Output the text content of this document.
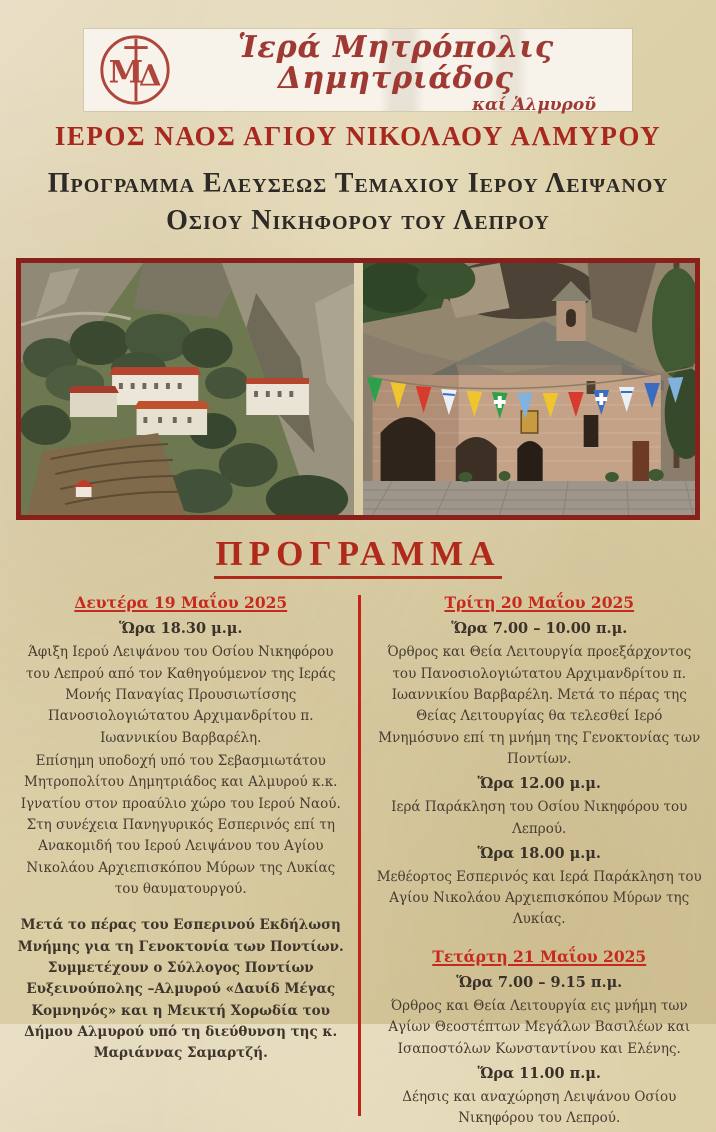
Μ
Δ
Ἱερά Μητρόπολις Δημητριάδος
καί Ἁλμυροῦ
ΙΕΡΟΣ ΝΑΟΣ ΑΓΙΟΥ ΝΙΚΟΛΑΟΥ ΑΛΜΥΡΟΥ
Πρόγραμμα Ελεύσεως Τεμαχίου Ιερού Λειψάνου
Οσίου Νικηφόρου του Λεπρού
ΠΡΟΓΡΑΜΜΑ
Δευτέρα 19 Μαΐου 2025
Ὥρα 18.30 μ.μ.
Άφιξη Ιερού Λειψάνου του Οσίου Νικηφόρου του Λεπρού από τον Καθηγούμενον της Ιεράς Μονής Παναγίας Προυσιωτίσσης Πανοσιολογιώτατου Αρχιμανδρίτου π. Ιωαννικίου Βαρβαρέλη.
Επίσημη υποδοχή υπό του Σεβασμιωτάτου Μητροπολίτου Δημητριάδος και Αλμυρού κ.κ. Ιγνατίου στον προαύλιο χώρο του Ιερού Ναού. Στη συνέχεια Πανηγυρικός Εσπερινός επί τη Ανακομιδή του Ιερού Λειψάνου του Αγίου Νικολάου Αρχιεπισκόπου Μύρων της Λυκίας του θαυματουργού.
Μετά το πέρας του Εσπερινού Εκδήλωση Μνήμης για τη Γενοκτονία των Ποντίων. Συμμετέχουν ο Σύλλογος Ποντίων Ευξεινούπολης –Αλμυρού «Δαυίδ Μέγας Κομνηνός» και η Μεικτή Χορωδία του Δήμου Αλμυρού υπό τη διεύθυνση της κ. Μαριάννας Σαμαρτζή.
Τρίτη 20 Μαΐου 2025
Ὥρα 7.00 – 10.00 π.μ.
Όρθρος και Θεία Λειτουργία προεξάρχοντος του Πανοσιολογιώτατου Αρχιμανδρίτου π. Ιωαννικίου Βαρβαρέλη. Μετά το πέρας της Θείας Λειτουργίας θα τελεσθεί Ιερό Μνημόσυνο επί τη μνήμη της Γενοκτονίας των Ποντίων.
Ὥρα 12.00 μ.μ.
Ιερά Παράκληση του Οσίου Νικηφόρου του Λεπρού.
Ὥρα 18.00 μ.μ.
Μεθέορτος Εσπερινός και Ιερά Παράκληση του Αγίου Νικολάου Αρχιεπισκόπου Μύρων της Λυκίας.
Τετάρτη 21 Μαΐου 2025
Ὥρα 7.00 – 9.15 π.μ.
Όρθρος και Θεία Λειτουργία εις μνήμη των Αγίων Θεοστέπτων Μεγάλων Βασιλέων και Ισαποστόλων Κωνσταντίνου και Ελένης.
Ὥρα 11.00 π.μ.
Δέησις και αναχώρηση Λειψάνου Οσίου Νικηφόρου του Λεπρού.
